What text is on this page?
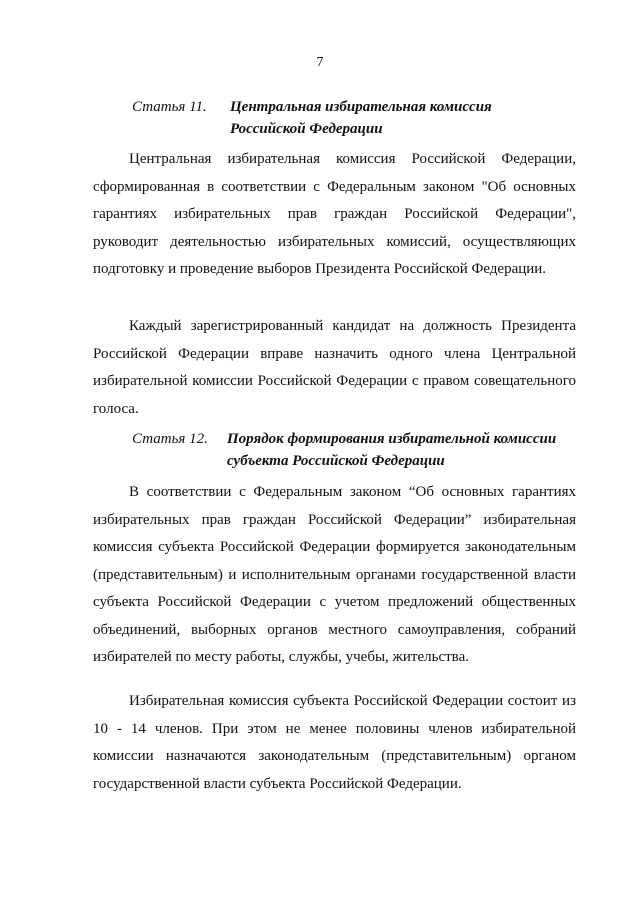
7
Статья 11. Центральная избирательная комиссия Российской Федерации

Центральная избирательная комиссия Российской Федерации, сформированная в соответствии с Федеральным законом "Об основных гарантиях избирательных прав граждан Российской Федерации", руководит деятельностью избирательных комиссий, осуществляющих подготовку и проведение выборов Президента Российской Федерации.

Каждый зарегистрированный кандидат на должность Президента Российской Федерации вправе назначить одного члена Центральной избирательной комиссии Российской Федерации с правом совещательного голоса.

Статья 12. Порядок формирования избирательной комиссии субъекта Российской Федерации

В соответствии с Федеральным законом “Об основных гарантиях избирательных прав граждан Российской Федерации” избирательная комиссия субъекта Российской Федерации формируется законодательным (представительным) и исполнительным органами государственной власти субъекта Российской Федерации с учетом предложений общественных объединений, выборных органов местного самоуправления, собраний избирателей по месту работы, службы, учебы, жительства.

Избирательная комиссия субъекта Российской Федерации состоит из 10 - 14 членов. При этом не менее половины членов избирательной комиссии назначаются законодательным (представительным) органом государственной власти субъекта Российской Федерации.
